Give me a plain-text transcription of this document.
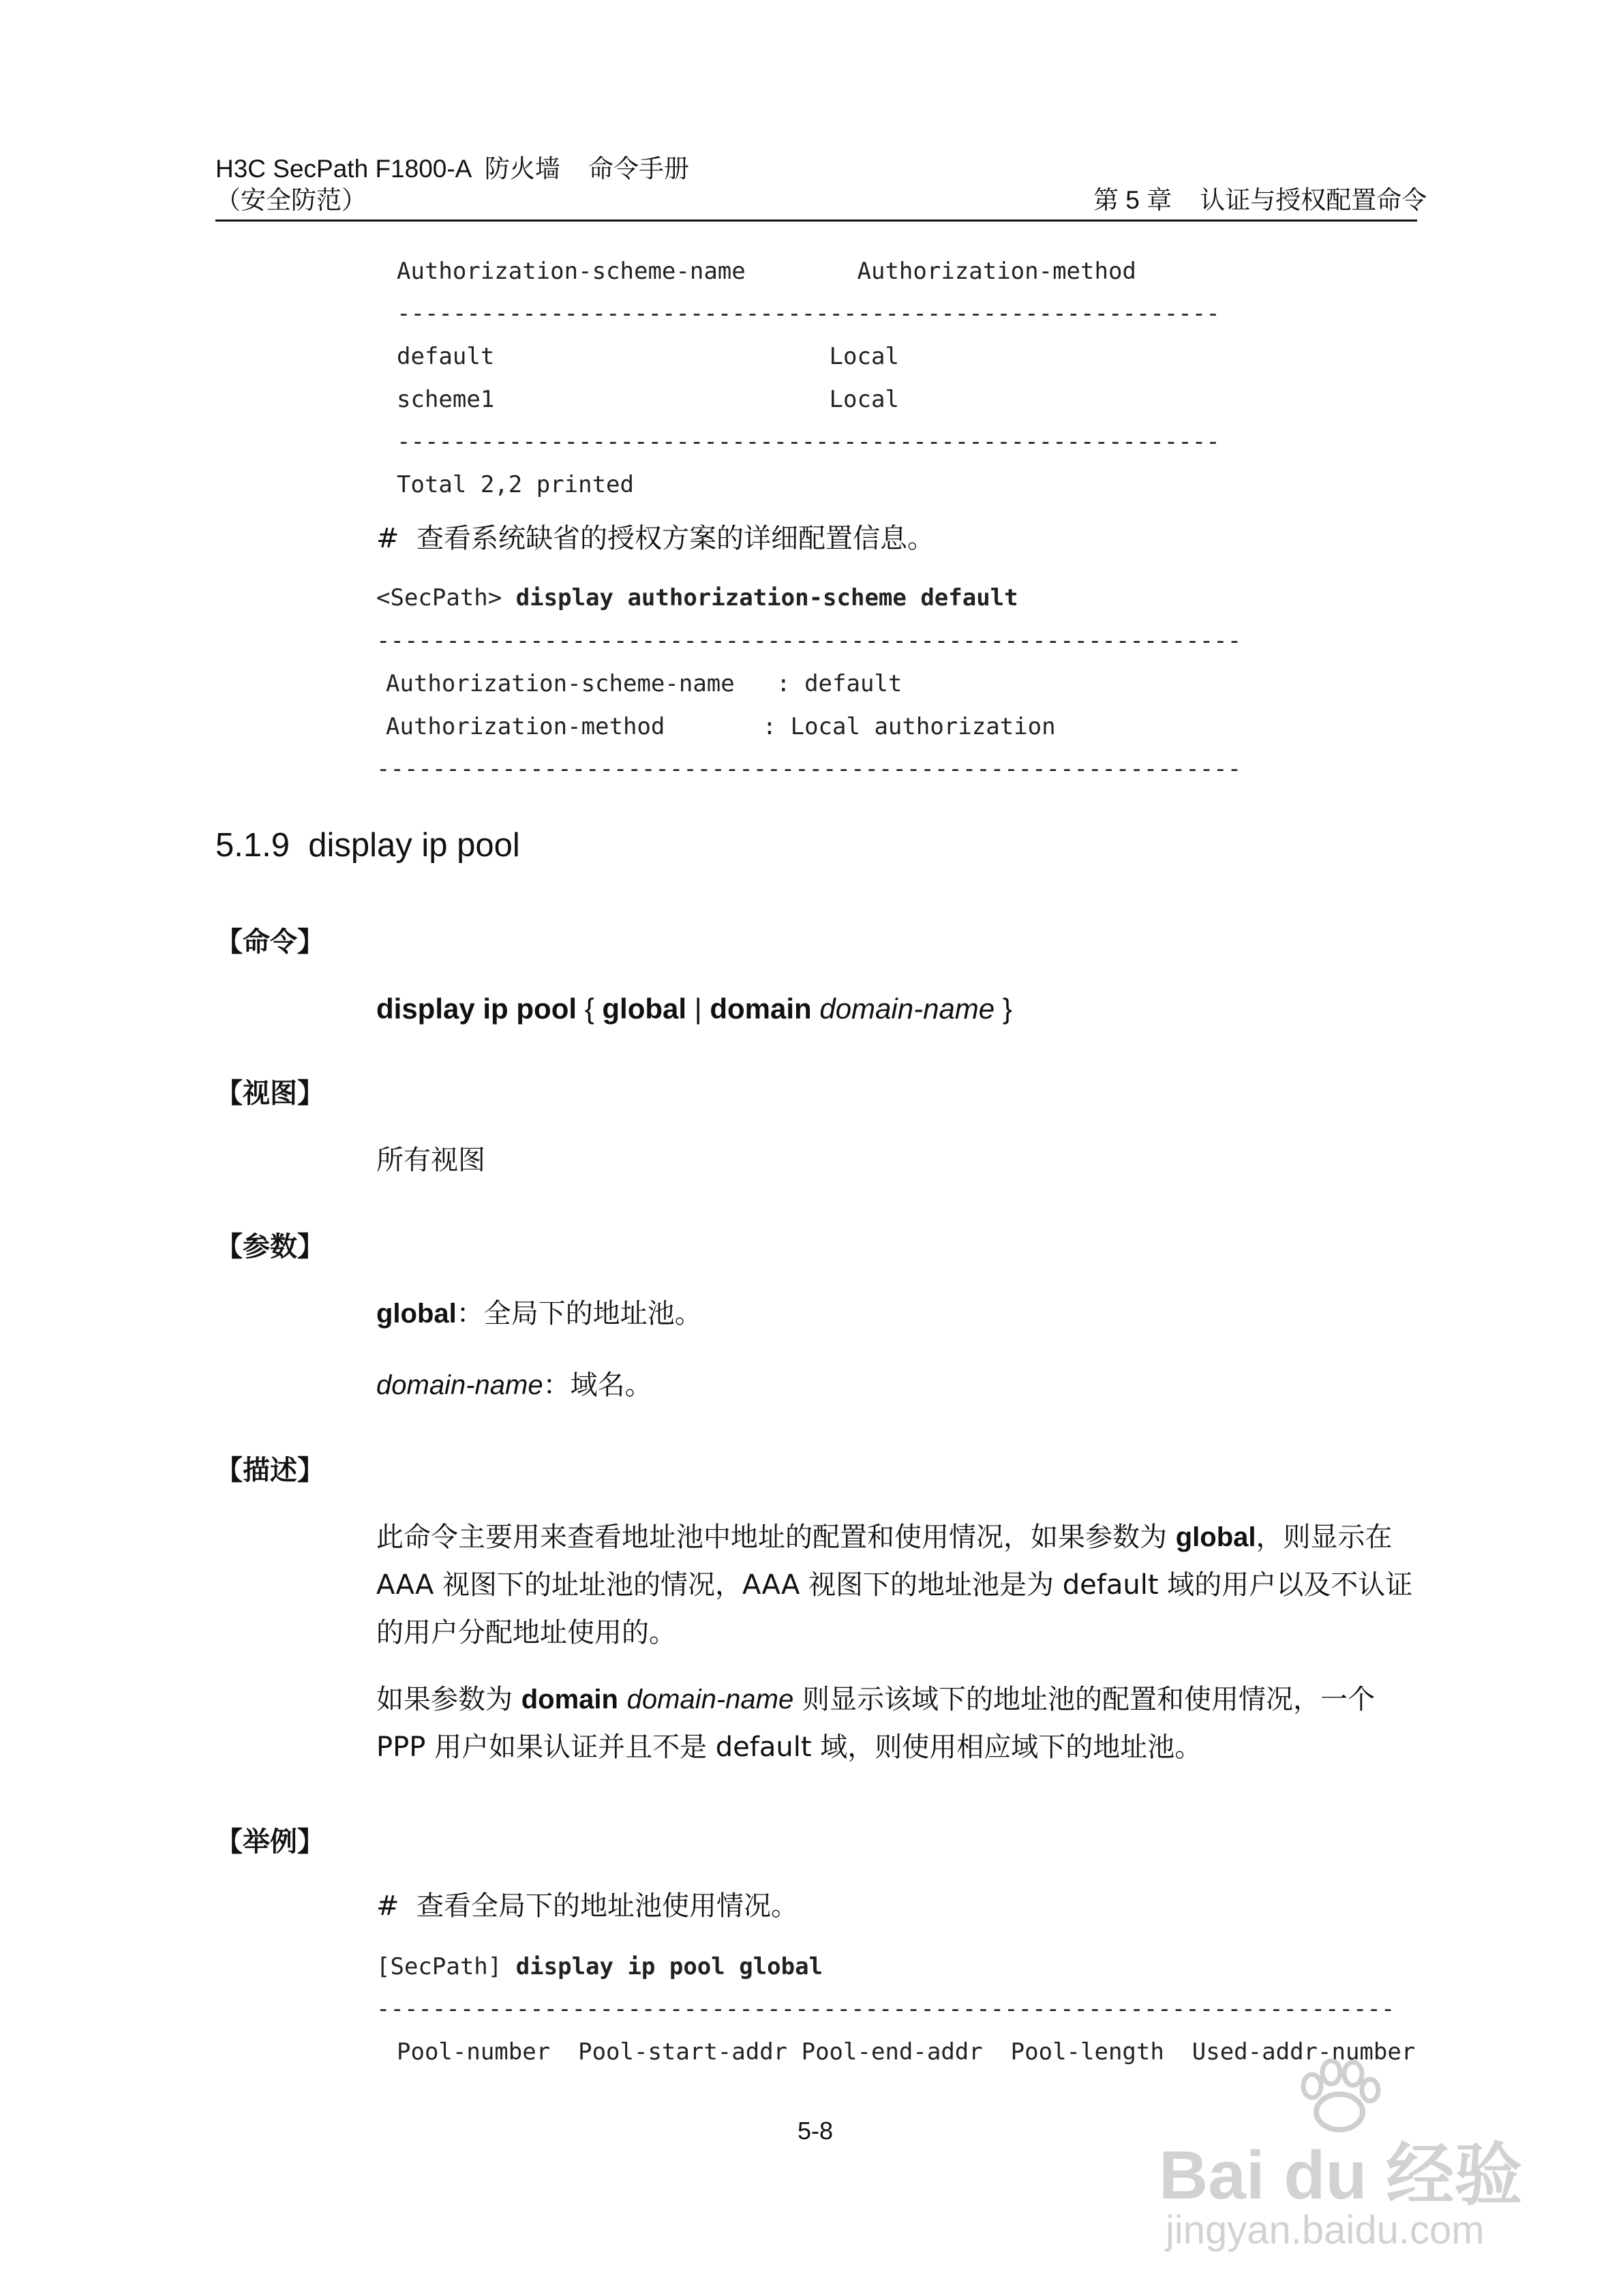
H3C SecPath F1800-A  防火墙    命令手册
（安全防范）	第 5 章    认证与授权配置命令
Authorization-scheme-name        Authorization-method
-----------------------------------------------------------
default                        Local
scheme1                        Local
-----------------------------------------------------------
Total 2,2 printed
#  查看系统缺省的授权方案的详细配置信息。
<SecPath> display authorization-scheme default
--------------------------------------------------------------
Authorization-scheme-name   : default
Authorization-method       : Local authorization
--------------------------------------------------------------
5.1.9  display ip pool
【命令】
display ip pool { global | domain domain-name }
【视图】
所有视图
【参数】
global：全局下的地址池。
domain-name：域名。
【描述】
此命令主要用来查看地址池中地址的配置和使用情况，如果参数为 global，则显示在 AAA 视图下的址址池的情况，AAA 视图下的地址池是为 default 域的用户以及不认证的用户分配地址使用的。
如果参数为 domain domain-name 则显示该域下的地址池的配置和使用情况，一个 PPP 用户如果认证并且不是 default 域，则使用相应域下的地址池。
【举例】
#  查看全局下的地址池使用情况。
[SecPath] display ip pool global
-------------------------------------------------------------------------
Pool-number  Pool-start-addr Pool-end-addr  Pool-length  Used-addr-number
5-8
Bai du 经验
jingyan.baidu.com
